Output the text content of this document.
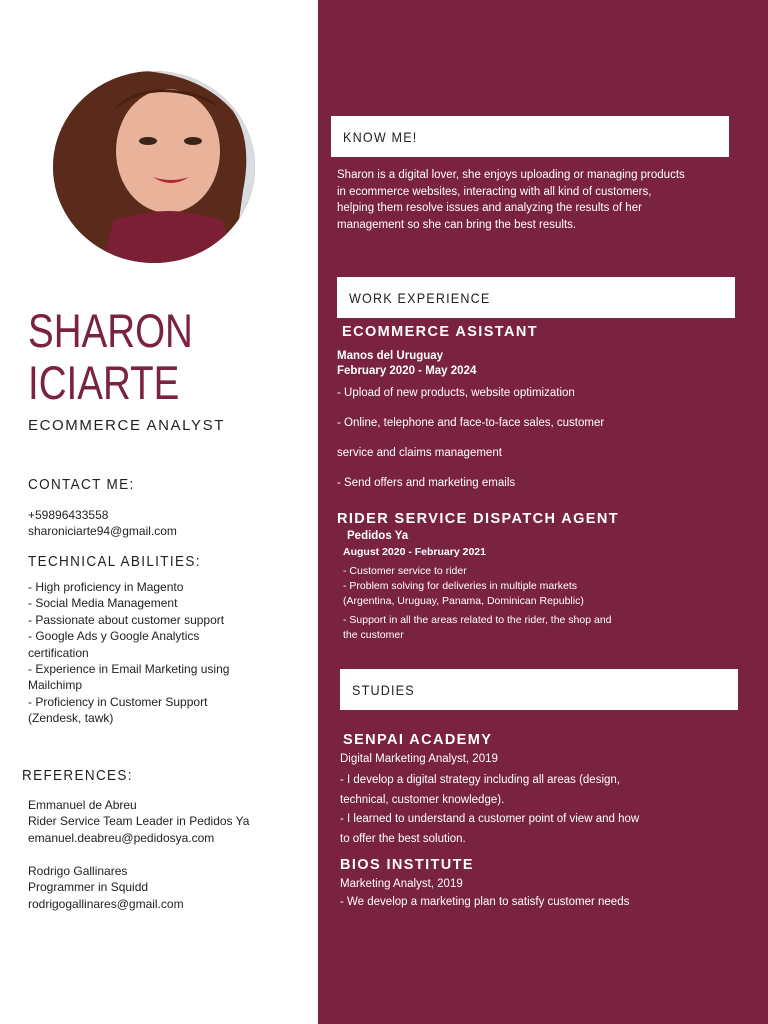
SHARON
ICIARTE
ECOMMERCE ANALYST
CONTACT ME:
+59896433558
sharoniciarte94@gmail.com
TECHNICAL ABILITIES:
- High proficiency in Magento
- Social Media Management
- Passionate about customer support
- Google Ads y Google Analytics
certification
- Experience in Email Marketing using
Mailchimp
- Proficiency in Customer Support
(Zendesk, tawk)
REFERENCES:
Emmanuel de Abreu
Rider Service Team Leader in Pedidos Ya
emanuel.deabreu@pedidosya.com
Rodrigo Gallinares
Programmer in Squidd
rodrigogallinares@gmail.com
KNOW ME!
Sharon is a digital lover, she enjoys uploading or managing products
in ecommerce websites, interacting with all kind of customers,
helping them resolve issues and analyzing the results of her
management so she can bring the best results.
WORK EXPERIENCE
ECOMMERCE ASISTANT
Manos del Uruguay
February 2020 - May 2024
- Upload of new products, website optimization
- Online, telephone and face-to-face sales, customer
service and claims management
- Send offers and marketing emails
RIDER SERVICE DISPATCH AGENT
Pedidos Ya
August 2020 - February 2021
- Customer service to rider
- Problem solving for deliveries in multiple markets
(Argentina, Uruguay, Panama, Dominican Republic)
- Support in all the areas related to the rider, the shop and
the customer
STUDIES
SENPAI ACADEMY
Digital Marketing Analyst, 2019
- I develop a digital strategy including all areas (design,
technical, customer knowledge).
- I learned to understand a customer point of view and how
to offer the best solution.
BIOS INSTITUTE
Marketing Analyst, 2019
- We develop a marketing plan to satisfy customer needs
